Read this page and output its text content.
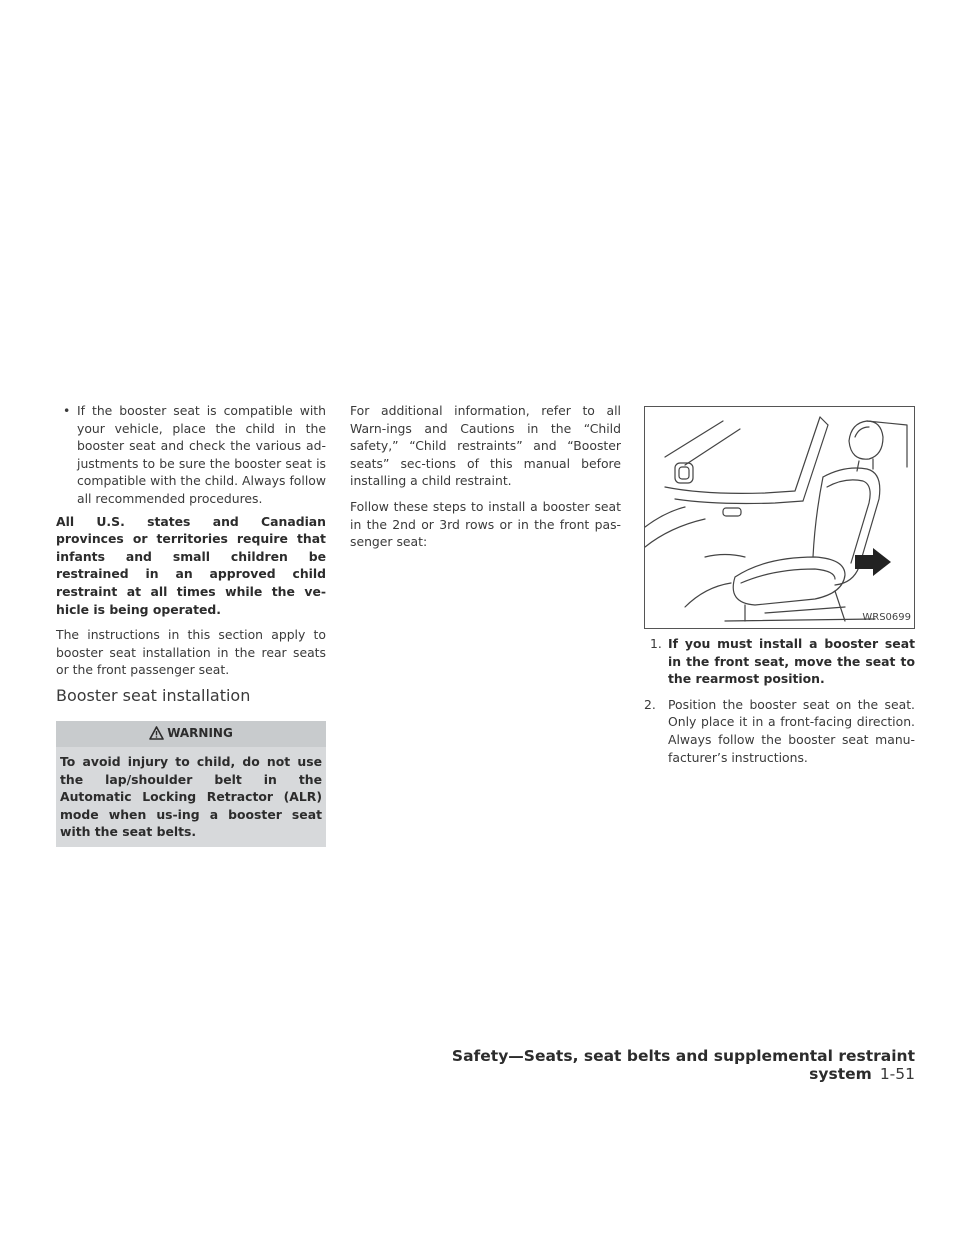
• If the booster seat is compatible with your vehicle, place the child in the booster seat and check the various ad-justments to be sure the booster seat is compatible with the child. Always follow all recommended procedures.

All U.S. states and Canadian provinces or territories require that infants and small children be restrained in an approved child restraint at all times while the ve-hicle is being operated.

The instructions in this section apply to booster seat installation in the rear seats or the front passenger seat.

Booster seat installation
WARNING

To avoid injury to child, do not use the lap/shoulder belt in the Automatic Locking Retractor (ALR) mode when us-ing a booster seat with the seat belts.

For additional information, refer to all Warn-ings and Cautions in the “Child safety,” “Child restraints” and “Booster seats” sec-tions of this manual before installing a child restraint.

Follow these steps to install a booster seat in the 2nd or 3rd rows or in the front pas-senger seat:

WRS0699
1. If you must install a booster seat in the front seat, move the seat to the rearmost position.

2. Position the booster seat on the seat. Only place it in a front-facing direction. Always follow the booster seat manu-facturer’s instructions.

Safety—Seats, seat belts and supplemental restraint system 1-51
